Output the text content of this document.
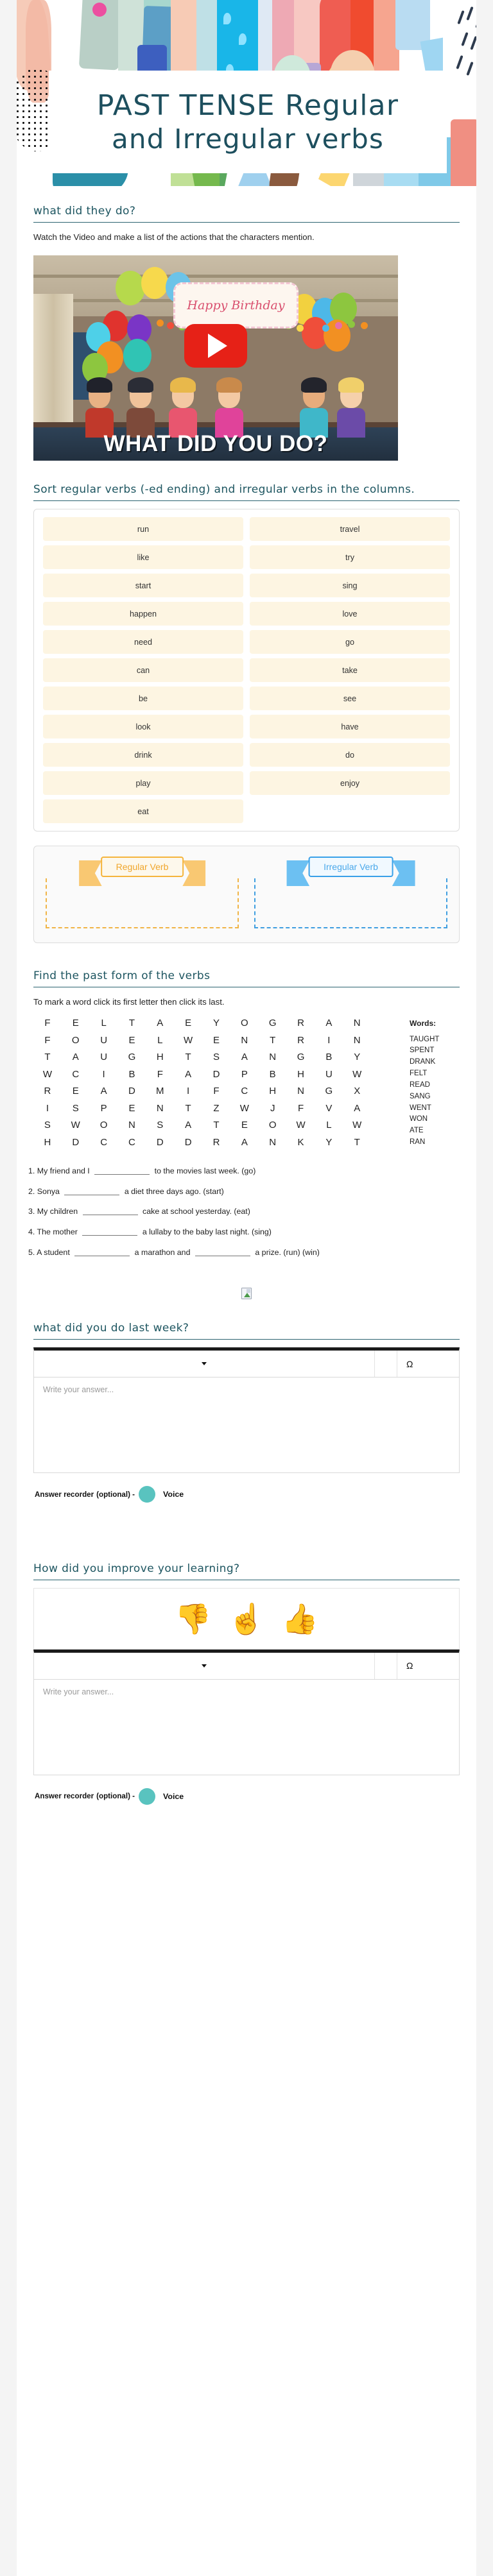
PAST TENSE Regular
and Irregular verbs
what did they do?
Watch the Video and make a list of the actions that the characters mention.
Happy Birthday
WHAT DID YOU DO?
Sort regular verbs (-ed ending) and irregular verbs in the columns.
run	travel
like	try
start	sing
happen	love
need	go
can	take
be	see
look	have
drink	do
play	enjoy
eat
Regular Verb	Irregular Verb
Find the past form of the verbs
To mark a word click its first letter then click its last.
F	E	L	T	A	E	Y	O	G	R	A	N
F	O	U	E	L	W	E	N	T	R	I	N
T	A	U	G	H	T	S	A	N	G	B	Y
W	C	I	B	F	A	D	P	B	H	U	W
R	E	A	D	M	I	F	C	H	N	G	X
I	S	P	E	N	T	Z	W	J	F	V	A
S	W	O	N	S	A	T	E	O	W	L	W
H	D	C	C	D	D	R	A	N	K	Y	T
Words:
TAUGHT
SPENT
DRANK
FELT
READ
SANG
WENT
WON
ATE
RAN
1. My friend and I	to the movies last week. (go)
2. Sonya	a diet three days ago. (start)
3. My children	cake at school yesterday. (eat)
4. The mother	a lullaby to the baby last night. (sing)
5. A student	a marathon and	a prize. (run) (win)
what did you do last week?
Ω
Write your answer...
Answer recorder (optional) -	Voice
How did you improve your learning?
👎 ☝ 👍
Ω
Write your answer...
Answer recorder (optional) -	Voice
